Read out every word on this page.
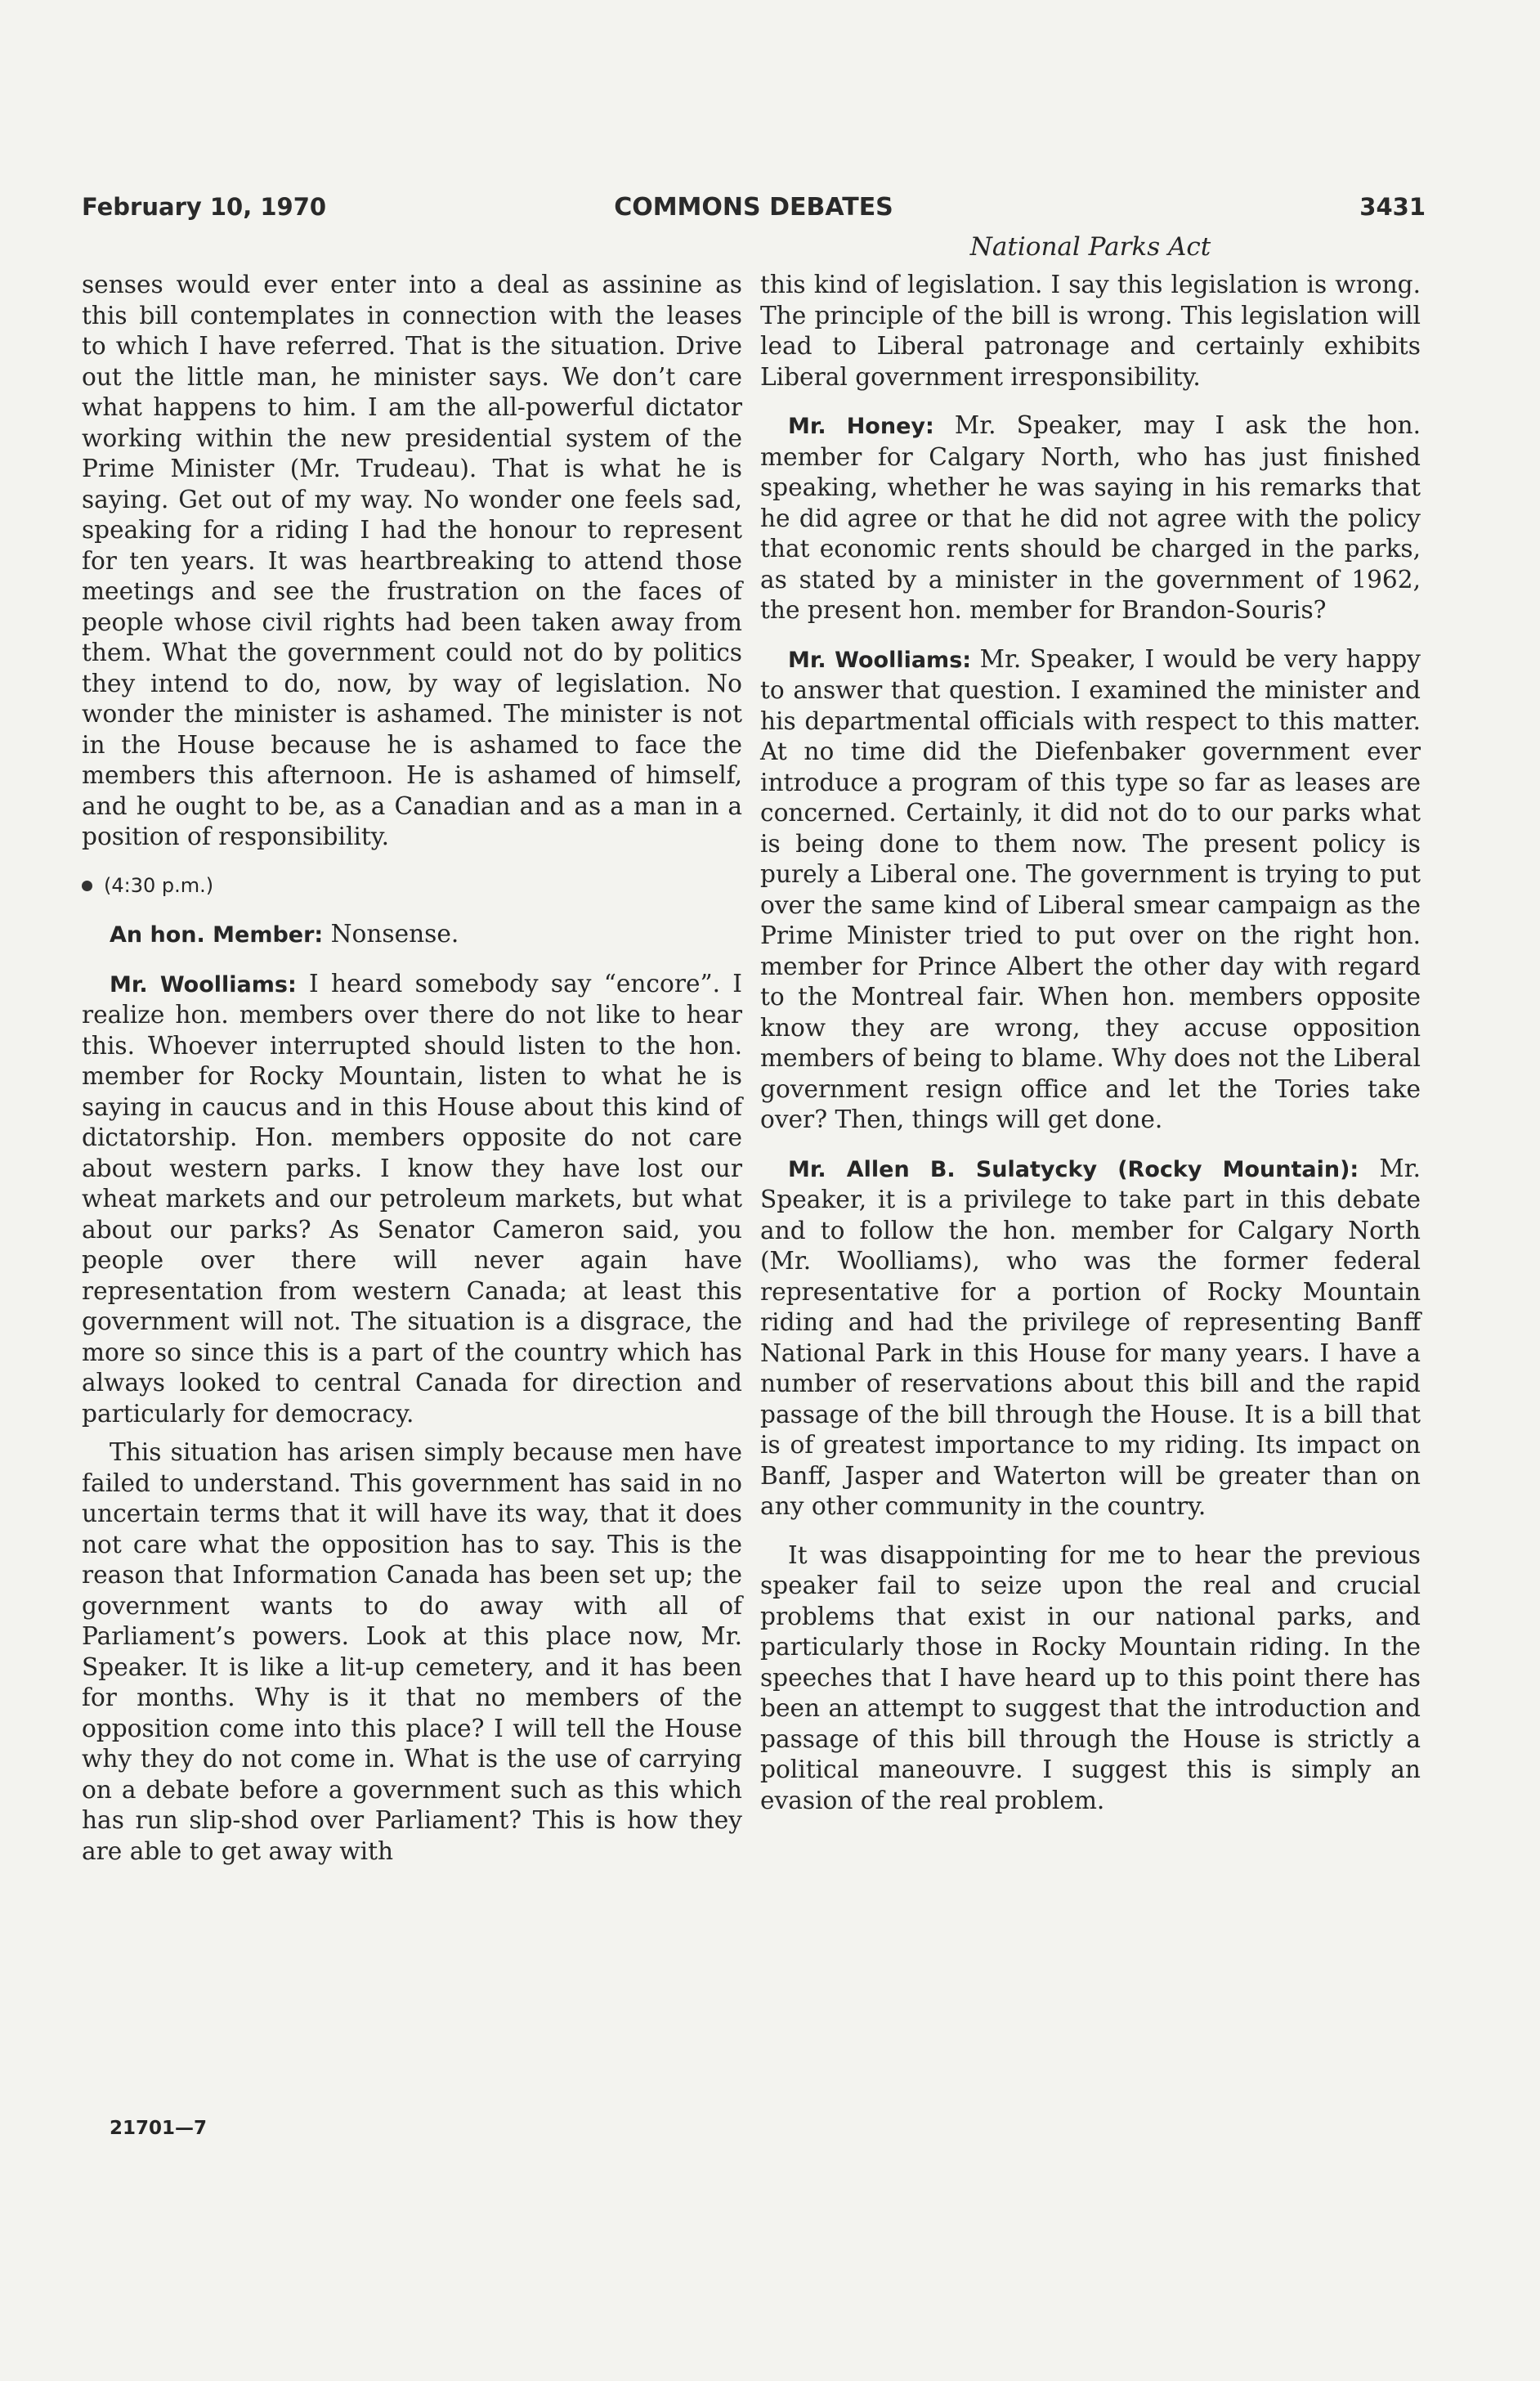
February 10, 1970	COMMONS DEBATES	3431
National Parks Act

senses would ever enter into a deal as assinine as this bill contemplates in connection with the leases to which I have referred. That is the situation. Drive out the little man, he minister says. We don’t care what happens to him. I am the all-powerful dictator working within the new presidential system of the Prime Minister (Mr. Trudeau). That is what he is saying. Get out of my way. No wonder one feels sad, speaking for a riding I had the honour to represent for ten years. It was heartbreaking to attend those meetings and see the frustration on the faces of people whose civil rights had been taken away from them. What the government could not do by politics they intend to do, now, by way of legislation. No wonder the minister is ashamed. The minister is not in the House because he is ashamed to face the members this afternoon. He is ashamed of himself, and he ought to be, as a Canadian and as a man in a position of responsibility.

(4:30 p.m.)

An hon. Member: Nonsense.

Mr. Woolliams: I heard somebody say “encore”. I realize hon. members over there do not like to hear this. Whoever interrupted should listen to the hon. member for Rocky Mountain, listen to what he is saying in caucus and in this House about this kind of dictatorship. Hon. members opposite do not care about western parks. I know they have lost our wheat markets and our petroleum markets, but what about our parks? As Senator Cameron said, you people over there will never again have representation from western Canada; at least this government will not. The situation is a disgrace, the more so since this is a part of the country which has always looked to central Canada for direction and particularly for democracy.

This situation has arisen simply because men have failed to understand. This government has said in no uncertain terms that it will have its way, that it does not care what the opposition has to say. This is the reason that Information Canada has been set up; the government wants to do away with all of Parliament’s powers. Look at this place now, Mr. Speaker. It is like a lit-up cemetery, and it has been for months. Why is it that no members of the opposition come into this place? I will tell the House why they do not come in. What is the use of carrying on a debate before a government such as this which has run slip-shod over Parliament? This is how they are able to get away with

this kind of legislation. I say this legislation is wrong. The principle of the bill is wrong. This legislation will lead to Liberal patronage and certainly exhibits Liberal government irresponsibility.

Mr. Honey: Mr. Speaker, may I ask the hon. member for Calgary North, who has just finished speaking, whether he was saying in his remarks that he did agree or that he did not agree with the policy that economic rents should be charged in the parks, as stated by a minister in the government of 1962, the present hon. member for Brandon-Souris?

Mr. Woolliams: Mr. Speaker, I would be very happy to answer that question. I examined the minister and his departmental officials with respect to this matter. At no time did the Diefenbaker government ever introduce a program of this type so far as leases are concerned. Certainly, it did not do to our parks what is being done to them now. The present policy is purely a Liberal one. The government is trying to put over the same kind of Liberal smear campaign as the Prime Minister tried to put over on the right hon. member for Prince Albert the other day with regard to the Montreal fair. When hon. members opposite know they are wrong, they accuse opposition members of being to blame. Why does not the Liberal government resign office and let the Tories take over? Then, things will get done.

Mr. Allen B. Sulatycky (Rocky Mountain): Mr. Speaker, it is a privilege to take part in this debate and to follow the hon. member for Calgary North (Mr. Woolliams), who was the former federal representative for a portion of Rocky Mountain riding and had the privilege of representing Banff National Park in this House for many years. I have a number of reservations about this bill and the rapid passage of the bill through the House. It is a bill that is of greatest importance to my riding. Its impact on Banff, Jasper and Waterton will be greater than on any other community in the country.

It was disappointing for me to hear the previous speaker fail to seize upon the real and crucial problems that exist in our national parks, and particularly those in Rocky Mountain riding. In the speeches that I have heard up to this point there has been an attempt to suggest that the introduction and passage of this bill through the House is strictly a political maneouvre. I suggest this is simply an evasion of the real problem.

21701—7
